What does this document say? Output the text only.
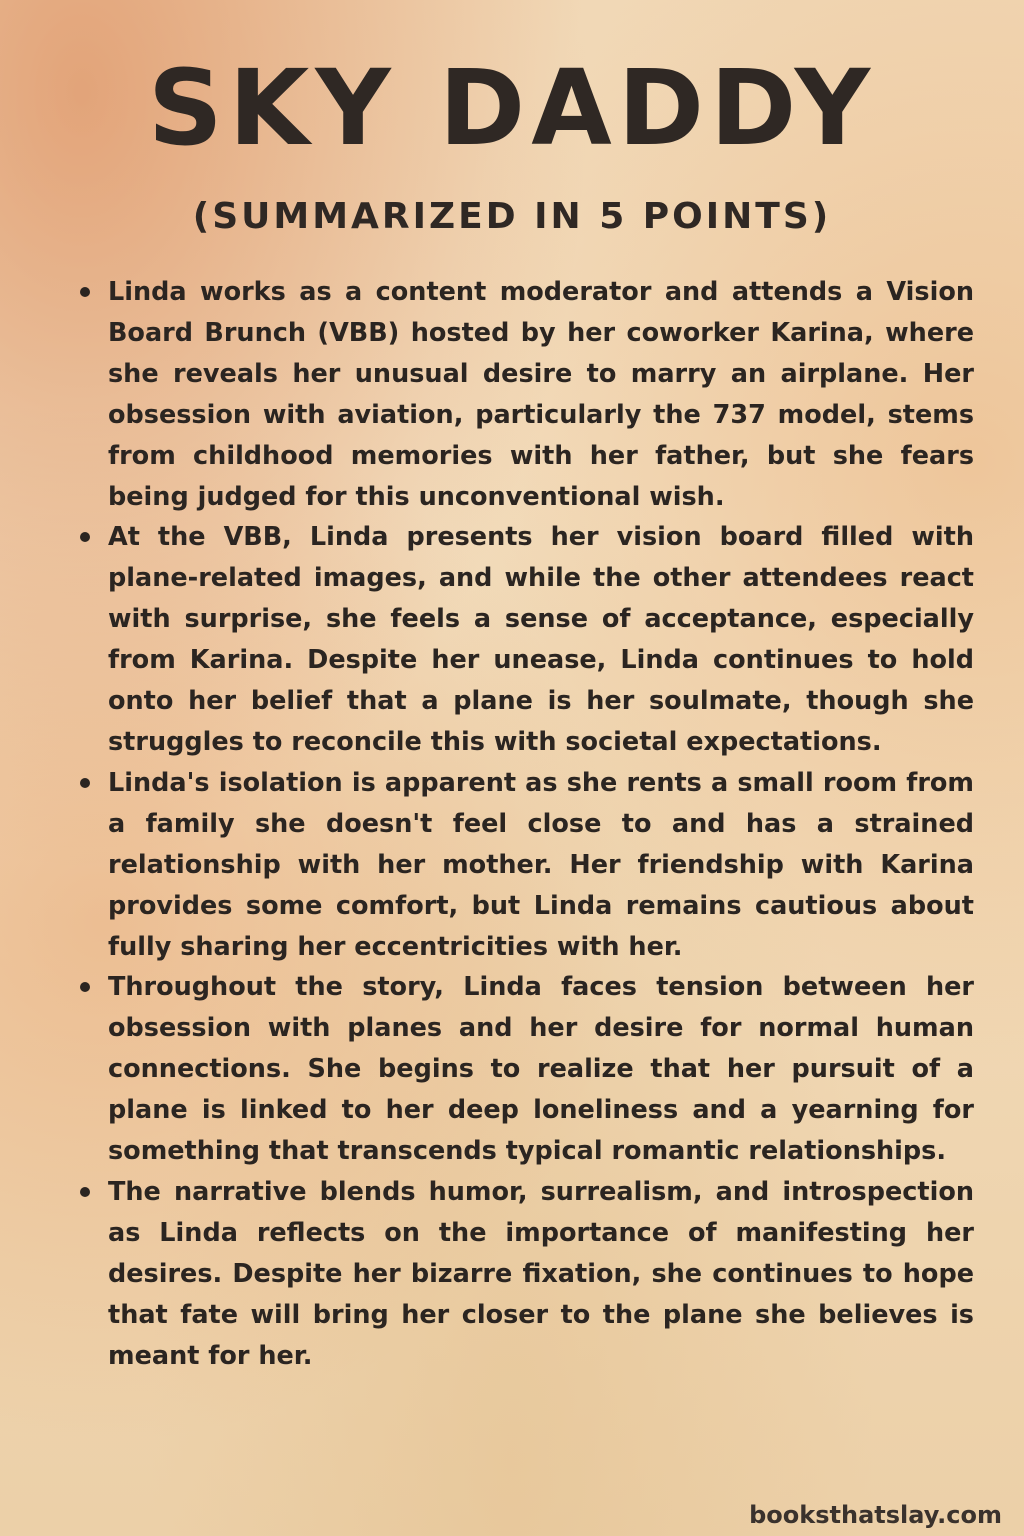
SKY DADDY
(SUMMARIZED IN 5 POINTS)
Linda works as a content moderator and attends a Vision Board Brunch (VBB) hosted by her coworker Karina, where she reveals her unusual desire to marry an airplane. Her obsession with aviation, particularly the 737 model, stems from childhood memories with her father, but she fears being judged for this unconventional wish.
At the VBB, Linda presents her vision board filled with plane-related images, and while the other attendees react with surprise, she feels a sense of acceptance, especially from Karina. Despite her unease, Linda continues to hold onto her belief that a plane is her soulmate, though she struggles to reconcile this with societal expectations.
Linda's isolation is apparent as she rents a small room from a family she doesn't feel close to and has a strained relationship with her mother. Her friendship with Karina provides some comfort, but Linda remains cautious about fully sharing her eccentricities with her.
Throughout the story, Linda faces tension between her obsession with planes and her desire for normal human connections. She begins to realize that her pursuit of a plane is linked to her deep loneliness and a yearning for something that transcends typical romantic relationships.
The narrative blends humor, surrealism, and introspection as Linda reflects on the importance of manifesting her desires. Despite her bizarre fixation, she continues to hope that fate will bring her closer to the plane she believes is meant for her.
booksthatslay.com
